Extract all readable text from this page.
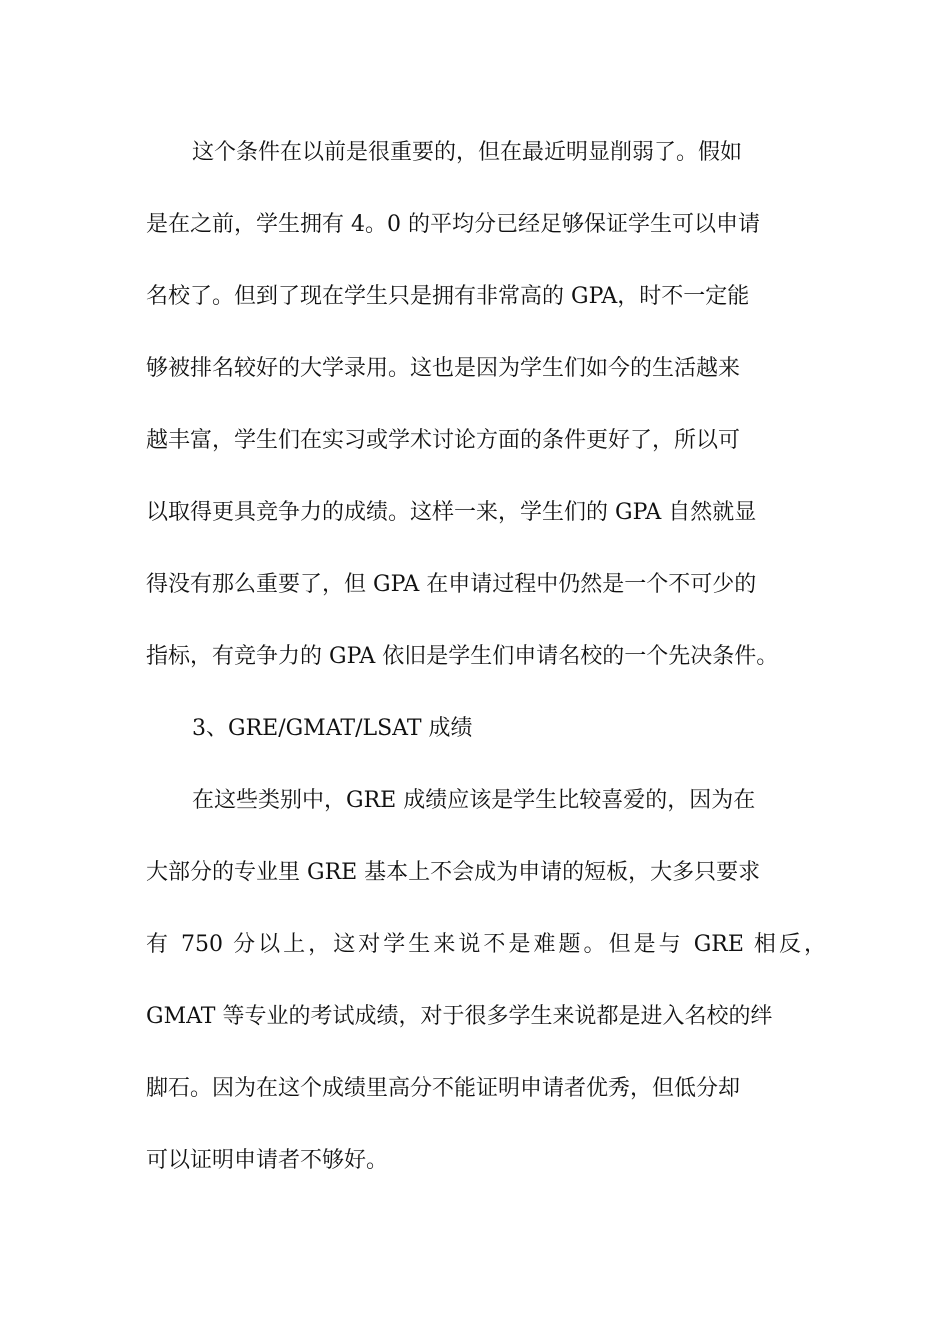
这个条件在以前是很重要的，但在最近明显削弱了。假如

是在之前，学生拥有 4。0 的平均分已经足够保证学生可以申请

名校了。但到了现在学生只是拥有非常高的 GPA，时不一定能

够被排名较好的大学录用。这也是因为学生们如今的生活越来

越丰富，学生们在实习或学术讨论方面的条件更好了，所以可

以取得更具竞争力的成绩。这样一来，学生们的 GPA 自然就显

得没有那么重要了，但 GPA 在申请过程中仍然是一个不可少的

指标，有竞争力的 GPA 依旧是学生们申请名校的一个先决条件。

3、GRE/GMAT/LSAT 成绩

在这些类别中，GRE 成绩应该是学生比较喜爱的，因为在

大部分的专业里 GRE 基本上不会成为申请的短板，大多只要求

有 750 分以上，这对学生来说不是难题。但是与 GRE 相反，

GMAT 等专业的考试成绩，对于很多学生来说都是进入名校的绊

脚石。因为在这个成绩里高分不能证明申请者优秀，但低分却

可以证明申请者不够好。
